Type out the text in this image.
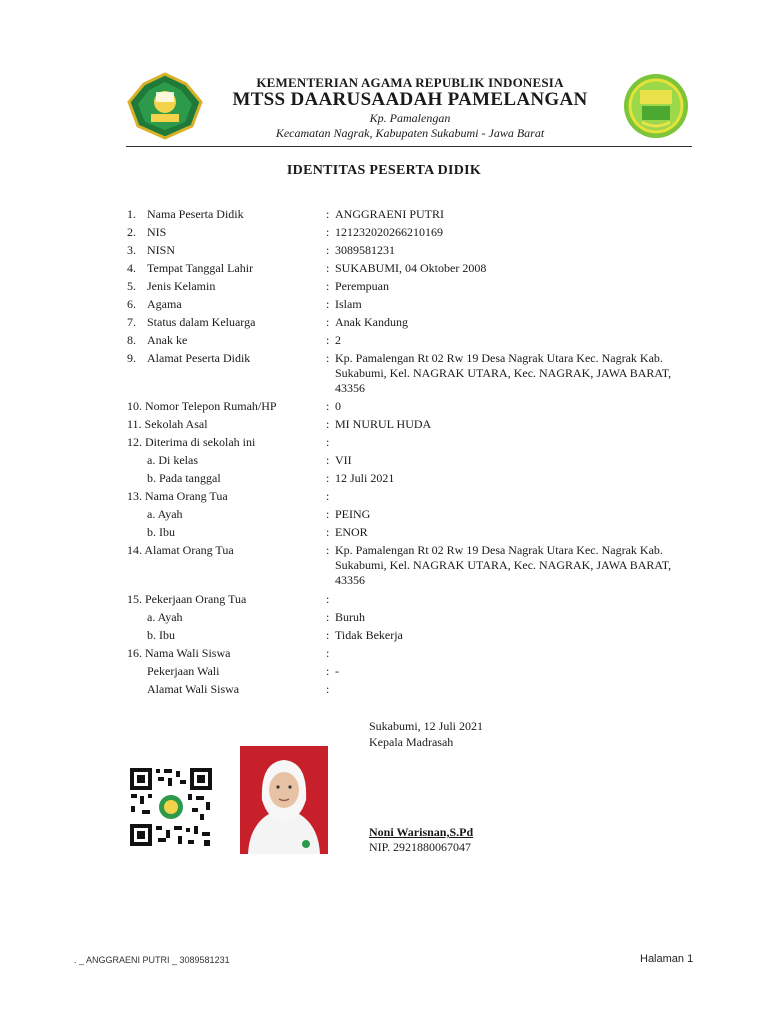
KEMENTERIAN AGAMA REPUBLIK INDONESIA
MTSS DAARUSAADAH PAMELANGAN
Kp. Pamalengan
Kecamatan Nagrak, Kabupaten Sukabumi - Jawa Barat
IDENTITAS PESERTA DIDIK
1. Nama Peserta Didik	: ANGGRAENI PUTRI
2. NIS	: 121232020266210169
3. NISN	: 3089581231
4. Tempat Tanggal Lahir	: SUKABUMI, 04 Oktober 2008
5. Jenis Kelamin	: Perempuan
6. Agama	: Islam
7. Status dalam Keluarga	: Anak Kandung
8. Anak ke	: 2
9. Alamat Peserta Didik	: Kp. Pamalengan Rt 02 Rw 19 Desa Nagrak Utara Kec. Nagrak Kab. Sukabumi, Kel. NAGRAK UTARA, Kec. NAGRAK, JAWA BARAT, 43356
10. Nomor Telepon Rumah/HP	: 0
11. Sekolah Asal	: MI NURUL HUDA
12. Diterima di sekolah ini	:
a. Di kelas	: VII
b. Pada tanggal	: 12 Juli 2021
13. Nama Orang Tua	:
a. Ayah	: PEING
b. Ibu	: ENOR
14. Alamat Orang Tua	: Kp. Pamalengan Rt 02 Rw 19 Desa Nagrak Utara Kec. Nagrak Kab. Sukabumi, Kel. NAGRAK UTARA, Kec. NAGRAK, JAWA BARAT, 43356
15. Pekerjaan Orang Tua	:
a. Ayah	: Buruh
b. Ibu	: Tidak Bekerja
16. Nama Wali Siswa	:
Pekerjaan Wali	: -
Alamat Wali Siswa	:
Sukabumi, 12 Juli 2021
Kepala Madrasah
Noni Warisnan,S.Pd
NIP. 2921880067047
. _ ANGGRAENI PUTRI _ 3089581231	Halaman 1
